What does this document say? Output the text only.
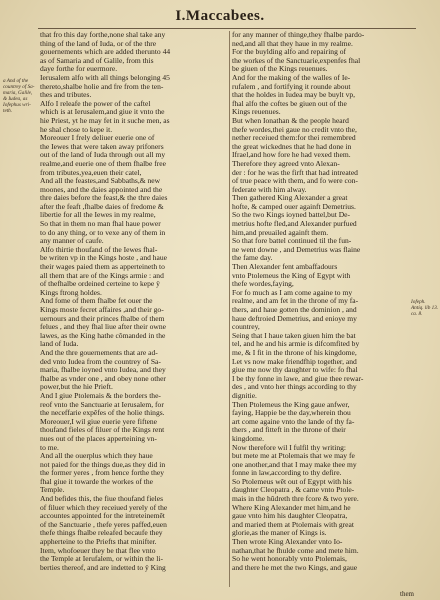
I.Maccabees.
a And of the countrey of Sa-maria, Galile, & Iudea, as Iofephus wri-teth.
Iofeph. Antiq. lib 13. ca. 8.
that fro this day forthe,none shal take any
thing of the land of Iuda, or of the thre
gouernements which are added therunto 44
as of Samaria and of Galile, from this
daye forthe for euermore.
Ierusalem alfo with all things belonging 45
thereto,shalbe holie and fre from the ten-
thes and tributes.
Alfo I releafe the power of the caftel
which is at Ierusalem,and giue it vnto the
hie Priest, yt he may fet in it suche men, as
he shal chose to kepe it.
Moreouer I frely deliuer euerie one of
the Iewes that were taken away prifoners
out of the land of Iuda through out all my
realme,and euerie one of them fhalbe free
from tributes,yea,euen their catel,
And all the feastes,and Sabbaths,& new
moones, and the daies appointed and the
thre daies before the feast,& the thre daies
after the feaft ,fhalbe daies of fredome &
libertie for all the Iewes in my realme,
So that in them no man fhal haue power
to do any thing, or to vexe any of them in
any manner of caufe.
Alfo thirtie thoufand of the Iewes fhal-
be writen vp in the Kings hoste , and haue
their wages paied them as apperteineth to
all them that are of the Kings armie : and
of thefhalbe ordeined certeine to kepe ÿ
Kings ftrong holdes.
And fome of them fhalbe fet ouer the
Kings moste fecret affaires ,and their go-
uernours and their princes fhalbe of them
felues , and they fhal liue after their owne
lawes, as the King hathe cõmanded in the
land of Iuda.
And the thre gouernements that are ad-
ded vnto Iudea from the countrey of Sa-
maria, fhalbe ioyned vnto Iudea, and they
fhalbe as vnder one , and obey none other
power,but the hie Prieft.
And I giue Ptolemais & the borders the-
reof vnto the Sanctuarie at Ierusalem, for
the neceffarie expẽfes of the holie things.
Moreouer,I wil giue euerie yere fiftene
thoufand fieles of filuer of the Kings rent
nues out of the places apperteining vn-
to me.
And all the ouerplus which they haue
not paied for the things due,as they did in
the former yeres , from hence forthe they
fhal giue it towarde the workes of the
Temple.
And befides this, the fiue thoufand fieles
of filuer which they receiued yerely of the
accountes appointed for the intreteinemẽt
of the Sanctuarie , thefe yeres paffed,euen
thefe things fhalbe releafed becaufe they
appherteine to the Priefts that minifter.
Item, whofoeuer they be that flee vnto
the Temple at Ierufalem, or within the li-
berties thereof, and are indetted to ÿ King
for any manner of thinge,they fhalbe pardo-
ned,and all that they haue in my realme.
For the buylding alfo and repairing of
the workes of the Sanctuarie,expenfes fhal
be giuen of the Kings reuenues.
And for the making of the walles of Ie-
rufalem , and fortifying it rounde about
that the holdes in Iudea may be buylt vp,
fhal alfo the coftes be giuen out of the
Kings reuenues.
But when Ionathan & the people heard
thefe wordes,thei gaue no credit vnto the,
nether receiued them:for thei remembred
the great wickednes that he had done in
Ifrael,and how fore he had vexed them.
Therefore they agreed vnto Alexan-
der : for he was the firft that had intreated
of true peace with them, and fo were con-
federate with him alway.
Then gathered King Alexander a great
hofte, & camped ouer againft Demetrius.
So the two Kings ioyned battel,but De-
metrius hofte fled,and Alexander purfued
him,and preuailed againft them.
So that fore battel continued til the fun-
ne went downe , and Demetrius was flaine
the fame day.
Then Alexander fent ambaffadours
vnto Ptolemeus the King of Egypt with
thefe wordes,faying,
For fo much as I am come againe to my
realme, and am fet in the throne of my fa-
thers, and haue gotten the dominion , and
haue deftroied Demetrius, and enioye my
countrey,
Seing that I haue taken giuen him the bat
tel, and he and his armie is difcomfited by
me, & I fit in the throne of his kingdome,
Let vs now make friendfhip together, and
giue me now thy daughter to wife: fo fhal
I be thy fonne in lawe, and giue thee rewar-
des , and vnto her things according to thy
dignitie.
Then Ptolemeus the King gaue anfwer,
faying, Happie be the day,wherein thou
art come againe vnto the lande of thy fa-
thers , and fitteft in the throne of their
kingdome.
Now therefore wil I fulfil thy writing:
but mete me at Ptolemais that we may fe
one another,and that I may make thee my
fonne in law,according to thy defire.
So Ptolemeus wẽt out of Egypt with his
daughter Cleopatra , & came vnto Ptole-
mais in the hũdreth thre fcore & two yere.
Where King Alexander met him,and he
gaue vnto him his daughter Cleopatra,
and maried them at Ptolemais with great
glorie,as the maner of Kings is.
Then wrote King Alexander vnto Io-
nathan,that he fhulde come and mete him.
So he went honorably vnto Ptolemais,
and there he met the two Kings, and gaue
them
